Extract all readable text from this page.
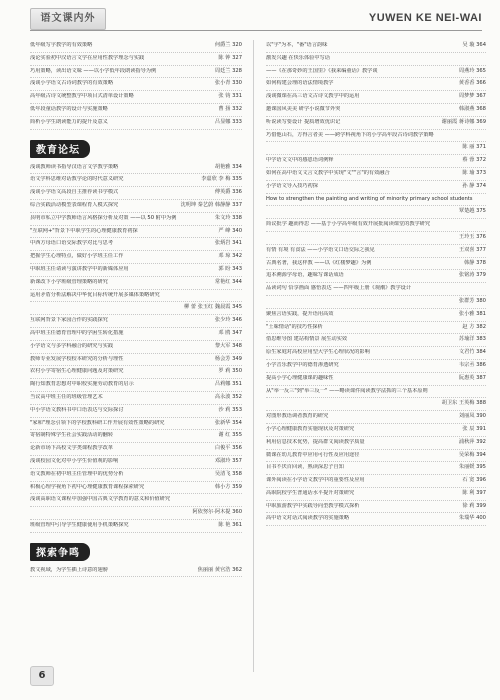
语文课内外	YUWEN KE NEI-WAI
低年级写字教学的有效策略	何爵兰 320
浅论实验初中汉语言文学在应用性教学理念与实践	陈 钟 327
巧用策略，读出语文味 ——以小学低年段朗读指导为例	周廷兰 328
浅谈小学语文古诗词教学的有效策略	张小青 330
高年级古诗文统整教学中项目式清单设计策略	张 钧 331
低年段童话教学的设计与实施策略	曹 扬 332
简析小学生朗读能力的提升及意义	吕显娜 333
教育论坛
浅谈教师读书指导汉语言文学教学策略	胡艳雅 334
语文学科思维对话教学论的时代意义研究	李嘉欣 李 梅 335
浅谈小学语文高段自主推荐读书学模式	傅英爵 336
综合实践活动模型表课程育人模式探究	沈明坤 秦艺蔚 韩静静 337
县明市私立中学教师语言风格探分析及对策 ——以 50 附中为例	朱文玲 338
"互联网+"背景下中职学生的心理健康教育初探	严 峰 340
中西方母语口语交际教学对比与思考	张炳岩 341
把握学生心理特点，做好小学班主任工作	邓 琼 342
中职班主任请读与演讲教学中的新媒体应用	郭 盼 343
新课改下小学班级管理策略的研究	常艳红 344
运用矛盾分析法解决中华优目标传统开展多媒体策略研究
柳 蕾 张玉红 魏晨霞 345
互联网背景下家园合作的实践探究	张少玲 346
高中班主任德育管理中的学困生转化措施	邓 鸥 347
小学语文与多学科融合的研究与实践	黎大军 348
教师专业发展学校校本研究的分析与理性	杨会芳 349
农村小学寄宿生心理健康问题及对策研究	罗 莉 350
陶行知教育思想对中职校实施劳动教育的启示	吕莉娜 351
当议高中班主任的班级管理艺术	高永波 352
中小学语文教科书中口语表达与交际探讨	沙 莉 353
"家和"理念引领下的学校教科研工作开展有效性策略的研究	张新华 354
寄宿制特殊学生社会实践活动的翻转	谢 红 355
论新市场下高校文学类课程教学改革	白俊平 356
浅谈校园文化对中小学生价值观的影响	邓淑玲 357
语文教师在初中班主任管理中的优势分析	吴清飞 358
积极心理学视角下初中心理健康教育课程探索研究	韩小方 359
浅谈高职语文课程中加强中国古典文学教育的意义和价值研究
阿依努尔·阿木提 360
班级管理中引导学生健康使用手机策略探究	陈 艳 361
探索争鸣
教文视域，为学生插上诗意的翅膀	焦丽丽 黄官浩 362
以"字"为本，"番"语言韵味	吴 璇 364
激发兴趣 在快乐体验中写话
——《在那奇妙的王国里》《我来编童话》教学谈	周燕玲 365
如何构建会理的语法情境教学	黄香香 366
浅谈微课在高三语文古诗文教学中的运用	周梦梦 367
邀课国风美美 研学小说微节外突	韩淑燕 368
听说读写要设计 提质增效优识记	谢丽霞 蒋诗娜 369
巧借他山石，方得言者美 ——跨学科视角下的小学高年段古诗词教学策略
陈 丽 371
中学语文文中的感恩语词例释	蔡 蓉 372
如何在高中语文文言文教学中实现"文""言"的有效融合	陈 瑜 373
小学语文导入技巧初探	孙 静 374
How to strengthen the painting and writing of minority primary school students
覃楚越 375
简议批学 趣而得思 ——基于小学高年级有效开展批阅读课堂的教学研究
王玲玉 376
有情 有境 有食法 ——小学语文口语交际之我见	王双喜 377
古典名著，我这样教 ——以《红楼梦趣》为例	韩静 378
追本溯源学母语，趣味写课话成语	张铭涛 379
品读词句 恰享画面 感悟表达 ——四年级上册《观潮》教学设计
张群芳 380
聚焦言语实践，提升语用高效	张小雅 381
"土味情话"的技巧性探析	赵 方 382
借思维导图 建站构情景 展生动实效	苏瑜洋 383
原生家庭对高校应用型大学生心理状况的影响	文君竹 384
小学音乐教学中的德育渗透研究	韦宗丞 386
提高小学心理健康课的趣味性	阮惠英 387
从"举一反三"到"举三反一" ——略读课件阅读教学法抓的三个基本原则
胡卫东 王英梅 388
对图形教语调者教育的研究	刘丽凤 390
小学心理健康教育实施现状及对策研究	张 辰 391
利用信息技术优势，提高群文阅读教学质量	浦秋萍 392
微课在幼儿教育中应用可行性及应用途径	吴荣梅 394
目书不厌百回读，熟读深思子自知	朱丽媛 395
课外阅读在小学语文教学中的重要性及应用	石 宽 396
高职院校学生普通话水平提升对策研究	陈 利 397
中职旅游教学中实践导向型教学模式探析	徐 莉 399
高中语文对话式阅读教学的实施策略	朱瑞华 400
6
